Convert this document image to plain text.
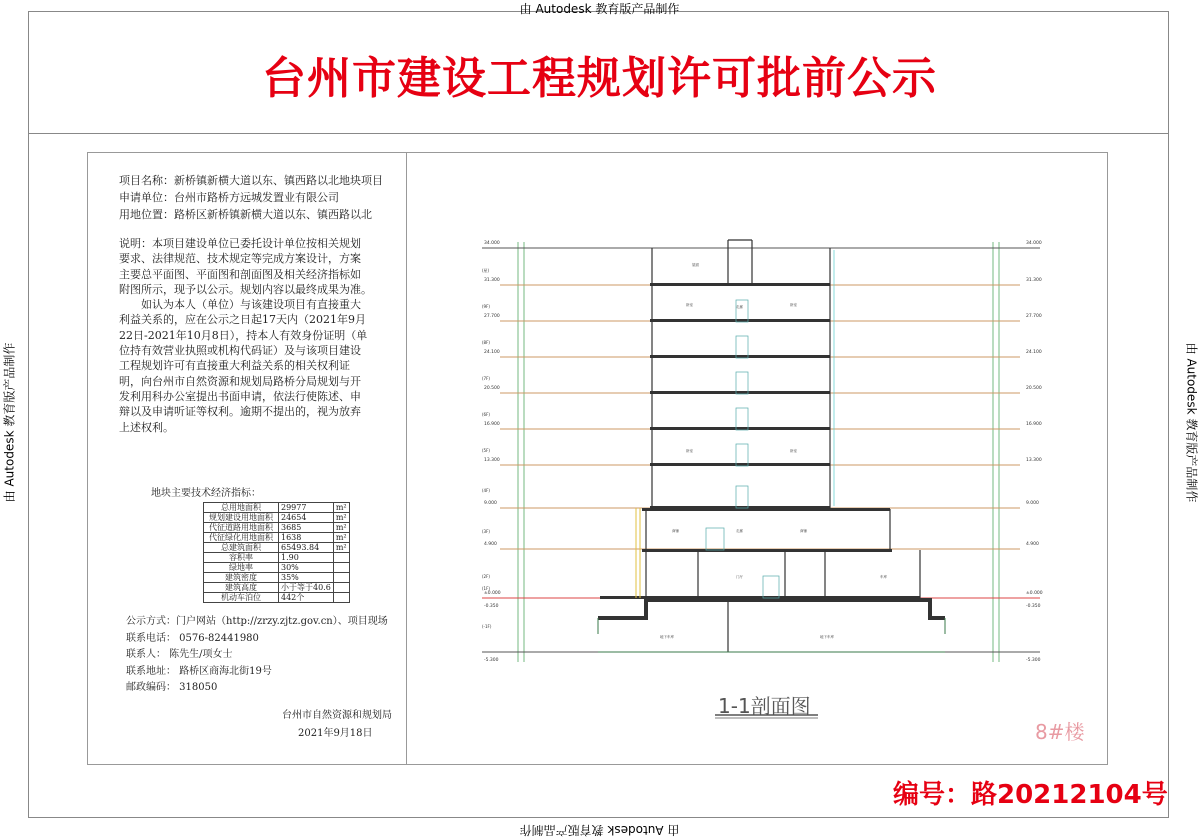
由 Autodesk 教育版产品制作
由 Autodesk 教育版产品制作
由 Autodesk 教育版产品制作	由 Autodesk 教育版产品制作
台州市建设工程规划许可批前公示
项目名称：新桥镇新横大道以东、镇西路以北地块项目
申请单位：台州市路桥方远城发置业有限公司
用地位置：路桥区新桥镇新横大道以东、镇西路以北

说明：本项目建设单位已委托设计单位按相关规划

要求、法律规范、技术规定等完成方案设计，方案

主要总平面图、平面图和剖面图及相关经济指标如

附图所示，现予以公示。规划内容以最终成果为准。

　　如认为本人（单位）与该建设项目有直接重大

利益关系的，应在公示之日起17天内（2021年9月

22日-2021年10月8日），持本人有效身份证明（单

位持有效营业执照或机构代码证）及与该项目建设

工程规划许可有直接重大利益关系的相关权利证

明，向台州市自然资源和规划局路桥分局规划与开

发利用科办公室提出书面申请，依法行使陈述、申

辩以及申请听证等权利。逾期不提出的，视为放弃

上述权利。

地块主要技术经济指标：
总用地面积	29977	m²
规划建设用地面积	24654	m²
代征道路用地面积	3685	m²
代征绿化用地面积	1638	m²
总建筑面积	65493.84	m²
容积率	1.90	
绿地率	30%	
建筑密度	35%	
建筑高度	小于等于40.6	
机动车泊位	442个	
公示方式：门户网站（http://zrzy.zjtz.gov.cn）、项目现场
联系电话： 0576-82441980
联系人： 陈先生/项女士
联系地址： 路桥区商海北街19号
邮政编码： 318050
台州市自然资源和规划局
2021年9月18日
34.000
31.300
27.700
24.100
20.500
16.900
13.300
9.000
4.900
±0.000
-0.350
-5.300
34.000
31.300
27.700
24.100
20.500
16.900
13.300
9.000
4.900
±0.000
-0.350
-5.300
(屋)
(9F)
(8F)
(7F)
(6F)
(5F)
(4F)
(3F)
(2F)
(1F)
(-1F)
屋面
卧室	卧室
走廊
卧室	卧室
商铺	走廊	商铺
门厅	车库
地下车库	地下车库
1-1剖面图
8#楼
编号：路20212104号
